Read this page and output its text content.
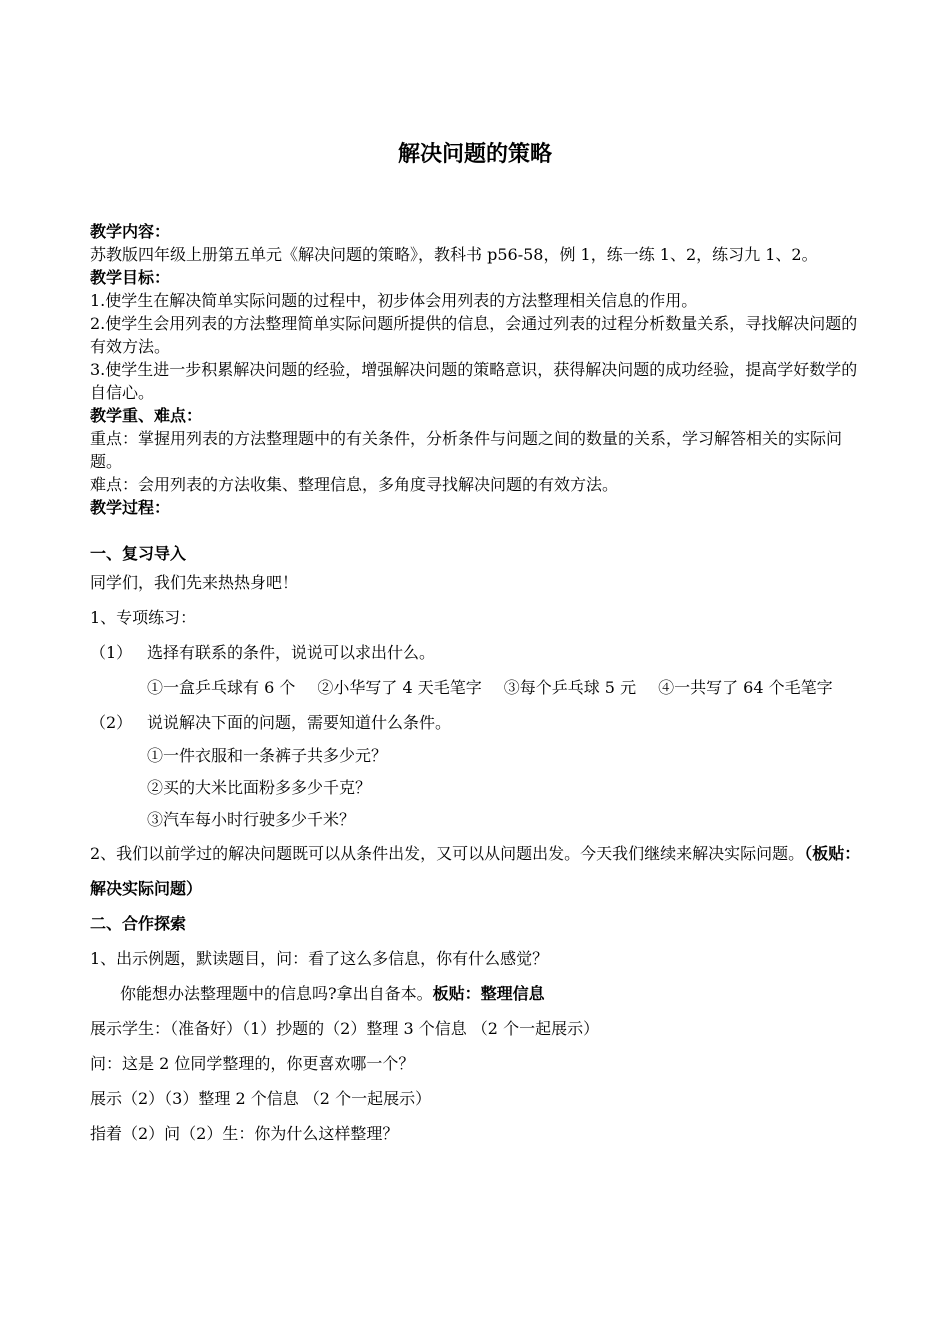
解决问题的策略
教学内容：
苏教版四年级上册第五单元《解决问题的策略》，教科书 p56-58，例 1，练一练 1、2，练习九 1、2。
教学目标：
1.使学生在解决简单实际问题的过程中，初步体会用列表的方法整理相关信息的作用。
2.使学生会用列表的方法整理简单实际问题所提供的信息，会通过列表的过程分析数量关系，寻找解决问题的有效方法。
3.使学生进一步积累解决问题的经验，增强解决问题的策略意识，获得解决问题的成功经验，提高学好数学的自信心。
教学重、难点：
重点：掌握用列表的方法整理题中的有关条件，分析条件与问题之间的数量的关系，学习解答相关的实际问题。
难点：会用列表的方法收集、整理信息，多角度寻找解决问题的有效方法。
教学过程：
一、复习导入
同学们，我们先来热热身吧！
1、专项练习：
（1） 选择有联系的条件，说说可以求出什么。
①一盒乒乓球有 6 个 ②小华写了 4 天毛笔字 ③每个乒乓球 5 元 ④一共写了 64 个毛笔字
（2） 说说解决下面的问题，需要知道什么条件。
①一件衣服和一条裤子共多少元？
②买的大米比面粉多多少千克？
③汽车每小时行驶多少千米？
2、我们以前学过的解决问题既可以从条件出发，又可以从问题出发。今天我们继续来解决实际问题。（板贴：解决实际问题）
二、合作探索
1、出示例题，默读题目，问：看了这么多信息，你有什么感觉？
你能想办法整理题中的信息吗?拿出自备本。板贴：整理信息
展示学生：（准备好）（1）抄题的（2）整理 3 个信息 （2 个一起展示）
问：这是 2 位同学整理的，你更喜欢哪一个？
展示（2）（3）整理 2 个信息 （2 个一起展示）
指着（2）问（2）生：你为什么这样整理？
